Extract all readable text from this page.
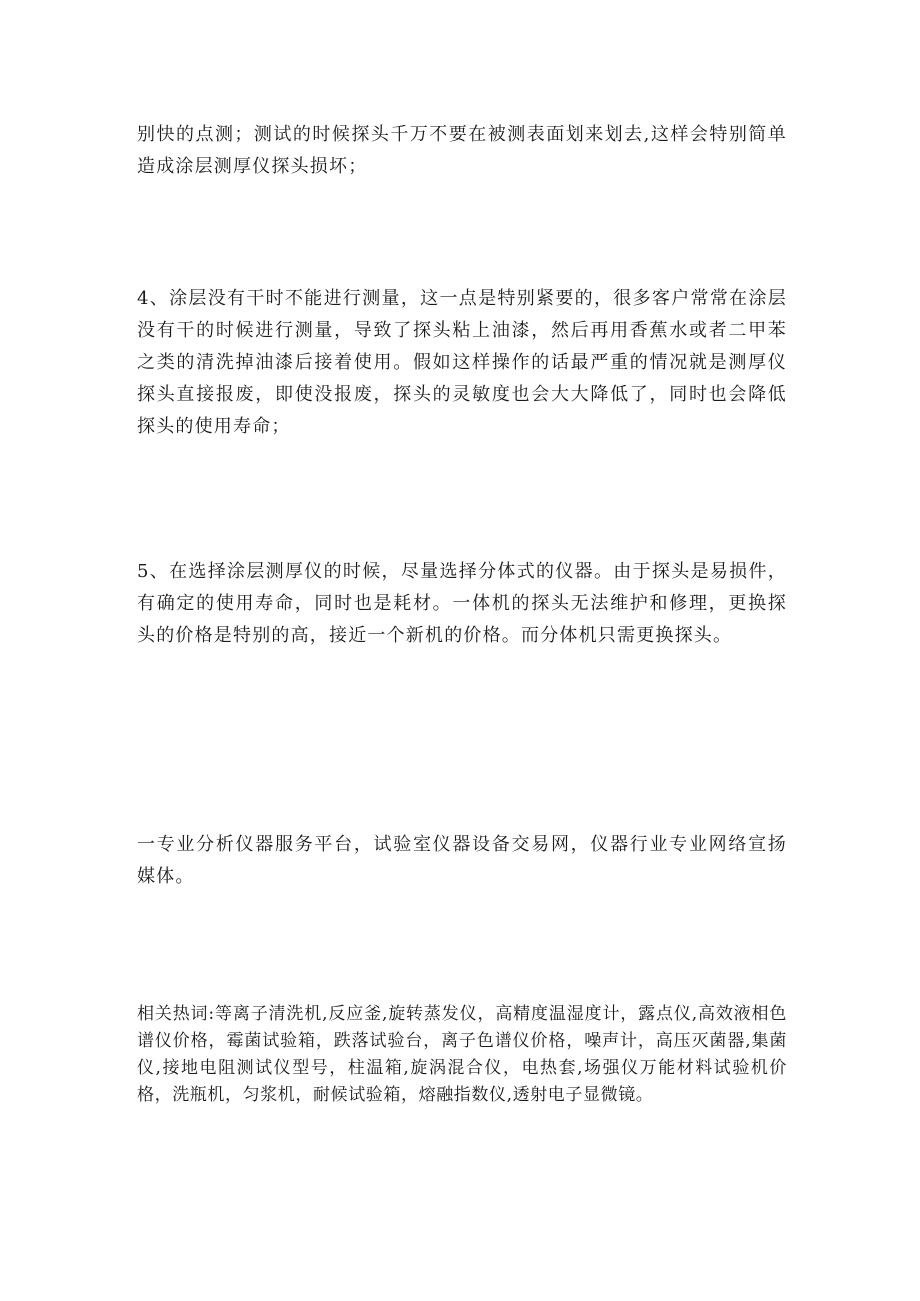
别快的点测；测试的时候探头千万不要在被测表面划来划去,这样会特别简单造成涂层测厚仪探头损坏；

4、涂层没有干时不能进行测量，这一点是特别紧要的，很多客户常常在涂层没有干的时候进行测量，导致了探头粘上油漆，然后再用香蕉水或者二甲苯之类的清洗掉油漆后接着使用。假如这样操作的话最严重的情况就是测厚仪探头直接报废，即使没报废，探头的灵敏度也会大大降低了，同时也会降低探头的使用寿命；

5、在选择涂层测厚仪的时候，尽量选择分体式的仪器。由于探头是易损件，有确定的使用寿命，同时也是耗材。一体机的探头无法维护和修理，更换探头的价格是特别的高，接近一个新机的价格。而分体机只需更换探头。

一专业分析仪器服务平台，试验室仪器设备交易网，仪器行业专业网络宣扬媒体。

相关热词:等离子清洗机,反应釜,旋转蒸发仪，高精度温湿度计，露点仪,高效液相色谱仪价格，霉菌试验箱，跌落试验台，离子色谱仪价格，噪声计，高压灭菌器,集菌仪,接地电阻测试仪型号，柱温箱,旋涡混合仪，电热套,场强仪万能材料试验机价格，洗瓶机，匀浆机，耐候试验箱，熔融指数仪,透射电子显微镜。
